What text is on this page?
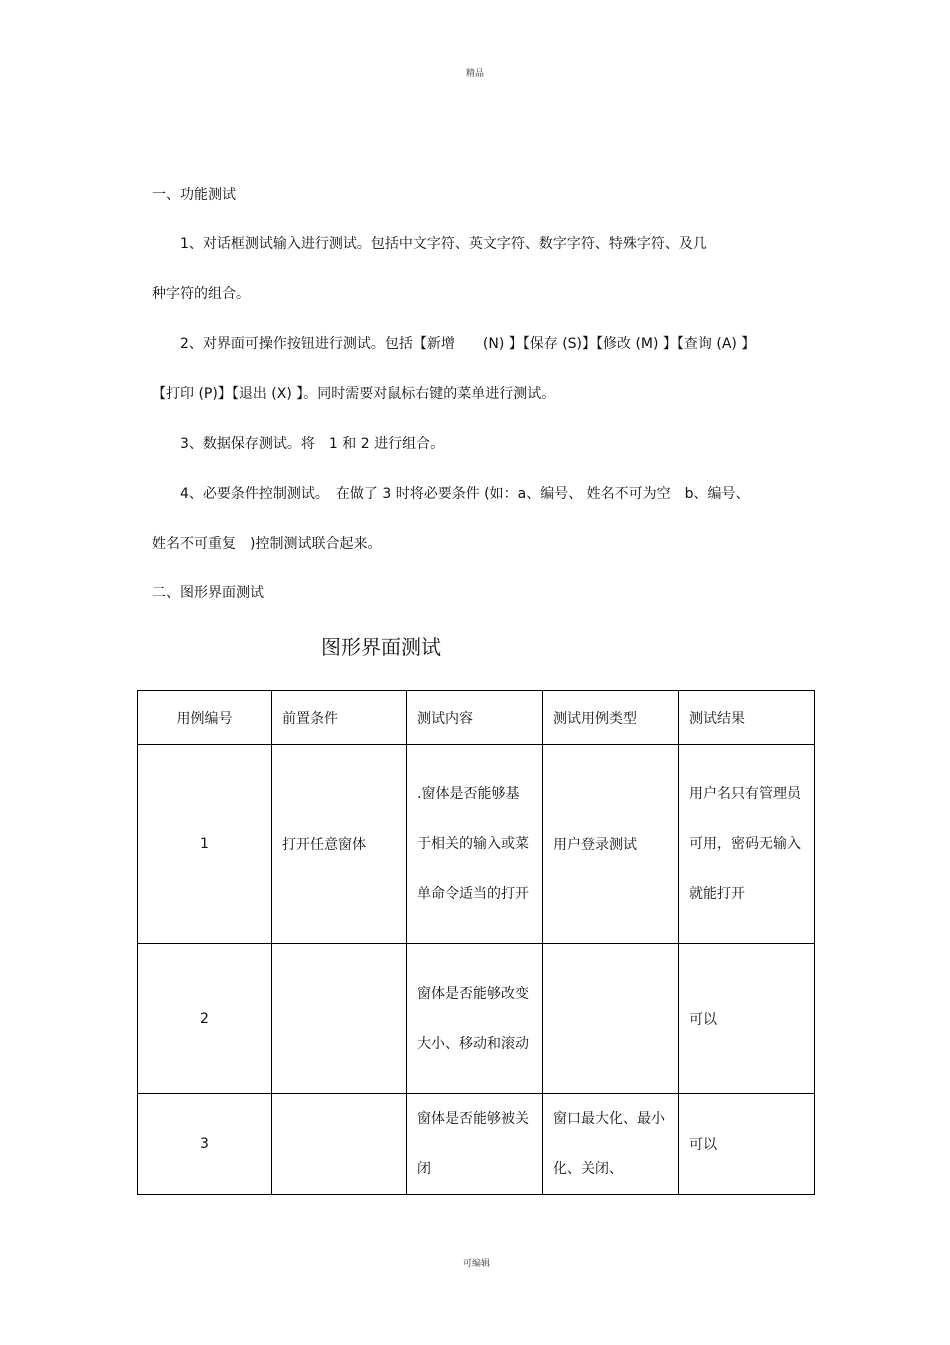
精品
一、功能测试
1、对话框测试输入进行测试。包括中文字符、英文字符、数字字符、特殊字符、及几
种字符的组合。
2、对界面可操作按钮进行测试。包括【新增　　(N) 】【保存 (S)】【修改 (M) 】【查询 (A) 】
【打印 (P)】【退出 (X) 】。同时需要对鼠标右键的菜单进行测试。
3、数据保存测试。将　1 和 2 进行组合。
4、必要条件控制测试。　在做了 3 时将必要条件 (如：a、编号、 姓名不可为空　b、编号、
姓名不可重复　)控制测试联合起来。
二、图形界面测试
图形界面测试
用例编号	前置条件	测试内容	测试用例类型	测试结果
1	打开任意窗体	.窗体是否能够基于相关的输入或菜单命令适当的打开	用户登录测试	用户名只有管理员可用，密码无输入就能打开
2		窗体是否能够改变大小、移动和滚动		可以
3		窗体是否能够被关闭	窗口最大化、最小化、关闭、	可以
可编辑
